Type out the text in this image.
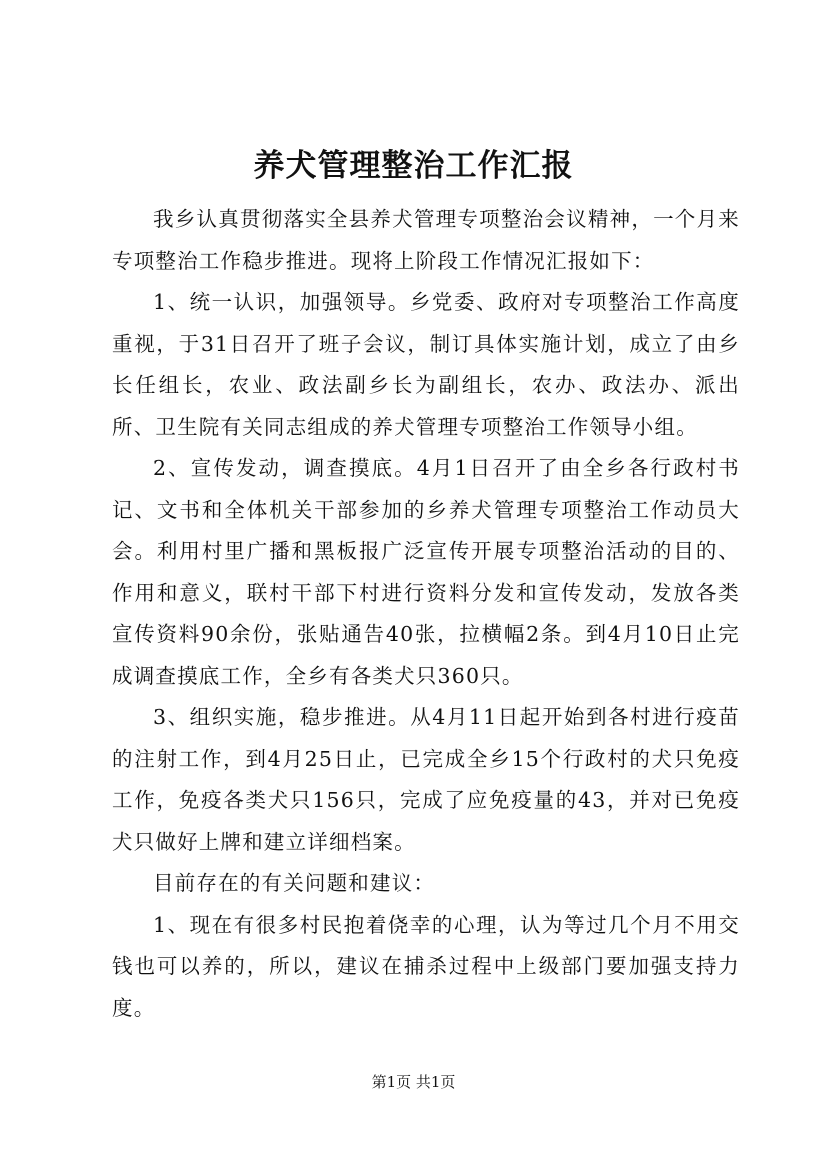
养犬管理整治工作汇报

我乡认真贯彻落实全县养犬管理专项整治会议精神，一个月来专项整治工作稳步推进。现将上阶段工作情况汇报如下：

1、统一认识，加强领导。乡党委、政府对专项整治工作高度重视，于31日召开了班子会议，制订具体实施计划，成立了由乡长任组长，农业、政法副乡长为副组长，农办、政法办、派出所、卫生院有关同志组成的养犬管理专项整治工作领导小组。

2、宣传发动，调查摸底。4月1日召开了由全乡各行政村书记、文书和全体机关干部参加的乡养犬管理专项整治工作动员大会。利用村里广播和黑板报广泛宣传开展专项整治活动的目的、作用和意义，联村干部下村进行资料分发和宣传发动，发放各类宣传资料90余份，张贴通告40张，拉横幅2条。到4月10日止完成调查摸底工作，全乡有各类犬只360只。

3、组织实施，稳步推进。从4月11日起开始到各村进行疫苗的注射工作，到4月25日止，已完成全乡15个行政村的犬只免疫工作，免疫各类犬只156只，完成了应免疫量的43，并对已免疫犬只做好上牌和建立详细档案。

目前存在的有关问题和建议：

1、现在有很多村民抱着侥幸的心理，认为等过几个月不用交钱也可以养的，所以，建议在捕杀过程中上级部门要加强支持力度。

第1页 共1页
